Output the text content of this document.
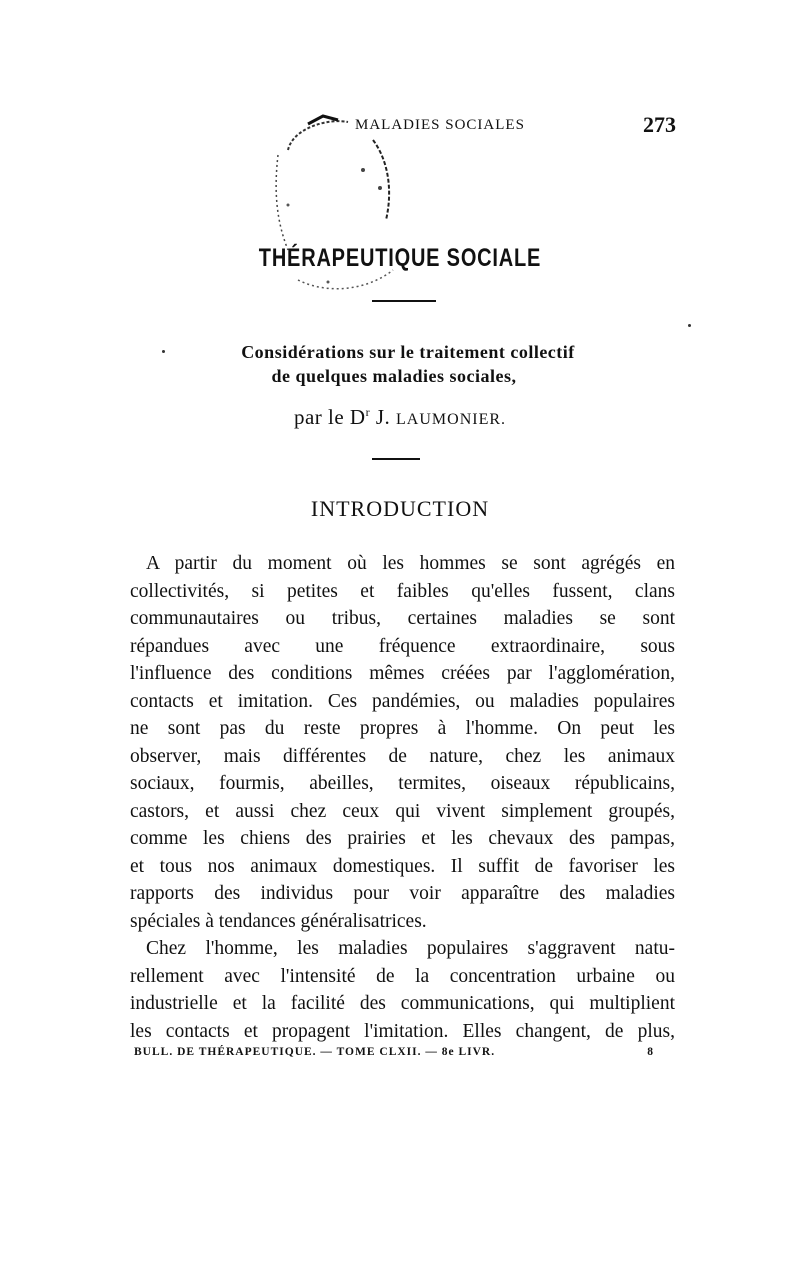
MALADIES SOCIALES	273
THÉRAPEUTIQUE SOCIALE
Considérations sur le traitement collectif
de quelques maladies sociales,
par le $D^r$ J. LAUMONIER.
INTRODUCTION
A partir du moment où les hommes se sont agrégés en
collectivités, si petites et faibles qu'elles fussent, clans
communautaires ou tribus, certaines maladies se sont
répandues avec une fréquence extraordinaire, sous
l'influence des conditions mêmes créées par l'agglomération,
contacts et imitation. Ces pandémies, ou maladies populaires
ne sont pas du reste propres à l'homme. On peut les
observer, mais différentes de nature, chez les animaux
sociaux, fourmis, abeilles, termites, oiseaux républicains,
castors, et aussi chez ceux qui vivent simplement groupés,
comme les chiens des prairies et les chevaux des pampas,
et tous nos animaux domestiques. Il suffit de favoriser les
rapports des individus pour voir apparaître des maladies
spéciales à tendances généralisatrices.
Chez l'homme, les maladies populaires s'aggravent natu-
rellement avec l'intensité de la concentration urbaine ou
industrielle et la facilité des communications, qui multiplient
les contacts et propagent l'imitation. Elles changent, de plus,
BULL. DE THÉRAPEUTIQUE. — TOME CLXII. — 8e LIVR.	8
